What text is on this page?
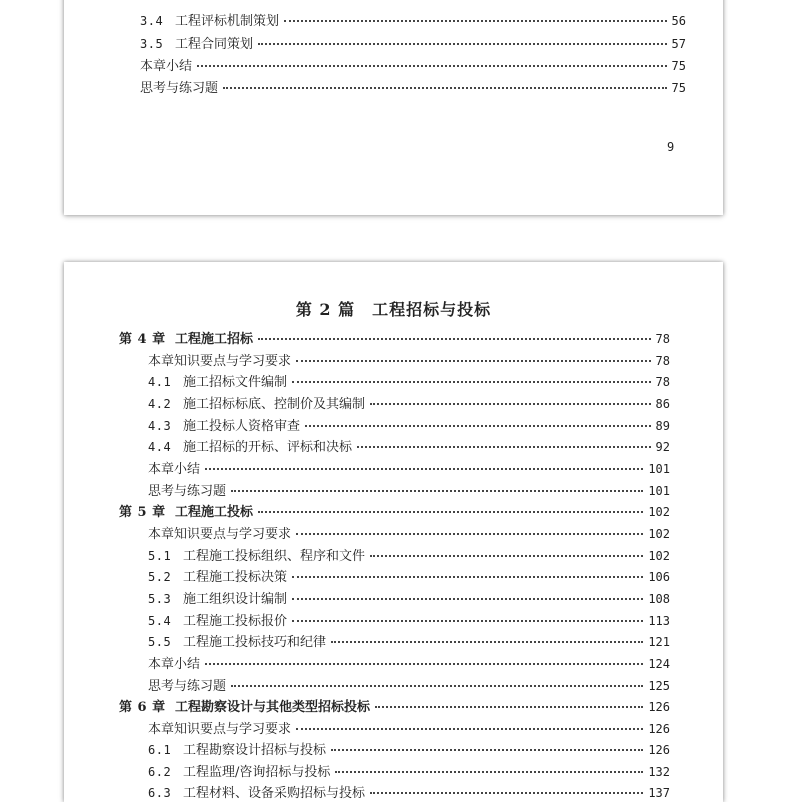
3.4 工程评标机制策划	56
3.5 工程合同策划	57
本章小结	75
思考与练习题	75
9
第 2 篇　工程招标与投标
第 4 章 工程施工招标	78
本章知识要点与学习要求	78
4.1 施工招标文件编制	78
4.2 施工招标标底、控制价及其编制	86
4.3 施工投标人资格审查	89
4.4 施工招标的开标、评标和决标	92
本章小结	101
思考与练习题	101
第 5 章 工程施工投标	102
本章知识要点与学习要求	102
5.1 工程施工投标组织、程序和文件	102
5.2 工程施工投标决策	106
5.3 施工组织设计编制	108
5.4 工程施工投标报价	113
5.5 工程施工投标技巧和纪律	121
本章小结	124
思考与练习题	125
第 6 章 工程勘察设计与其他类型招标投标	126
本章知识要点与学习要求	126
6.1 工程勘察设计招标与投标	126
6.2 工程监理/咨询招标与投标	132
6.3 工程材料、设备采购招标与投标	137
